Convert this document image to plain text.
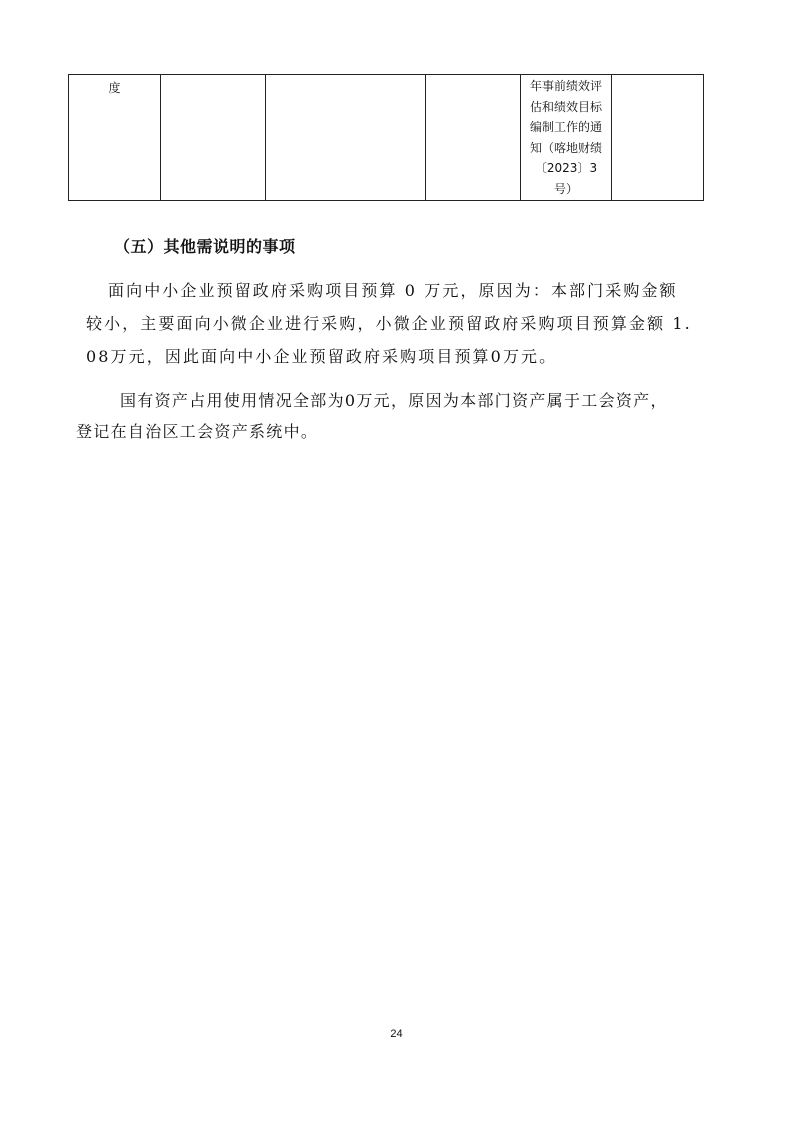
度				年事前绩效评
估和绩效目标
编制工作的通
知（喀地财绩
〔2023〕3
号）

（五）其他需说明的事项

面向中小企业预留政府采购项目预算 0 万元，原因为：本部门采购金额
较小，主要面向小微企业进行采购，小微企业预留政府采购项目预算金额 1.
08万元，因此面向中小企业预留政府采购项目预算0万元。

国有资产占用使用情况全部为0万元，原因为本部门资产属于工会资产，
登记在自治区工会资产系统中。

24
